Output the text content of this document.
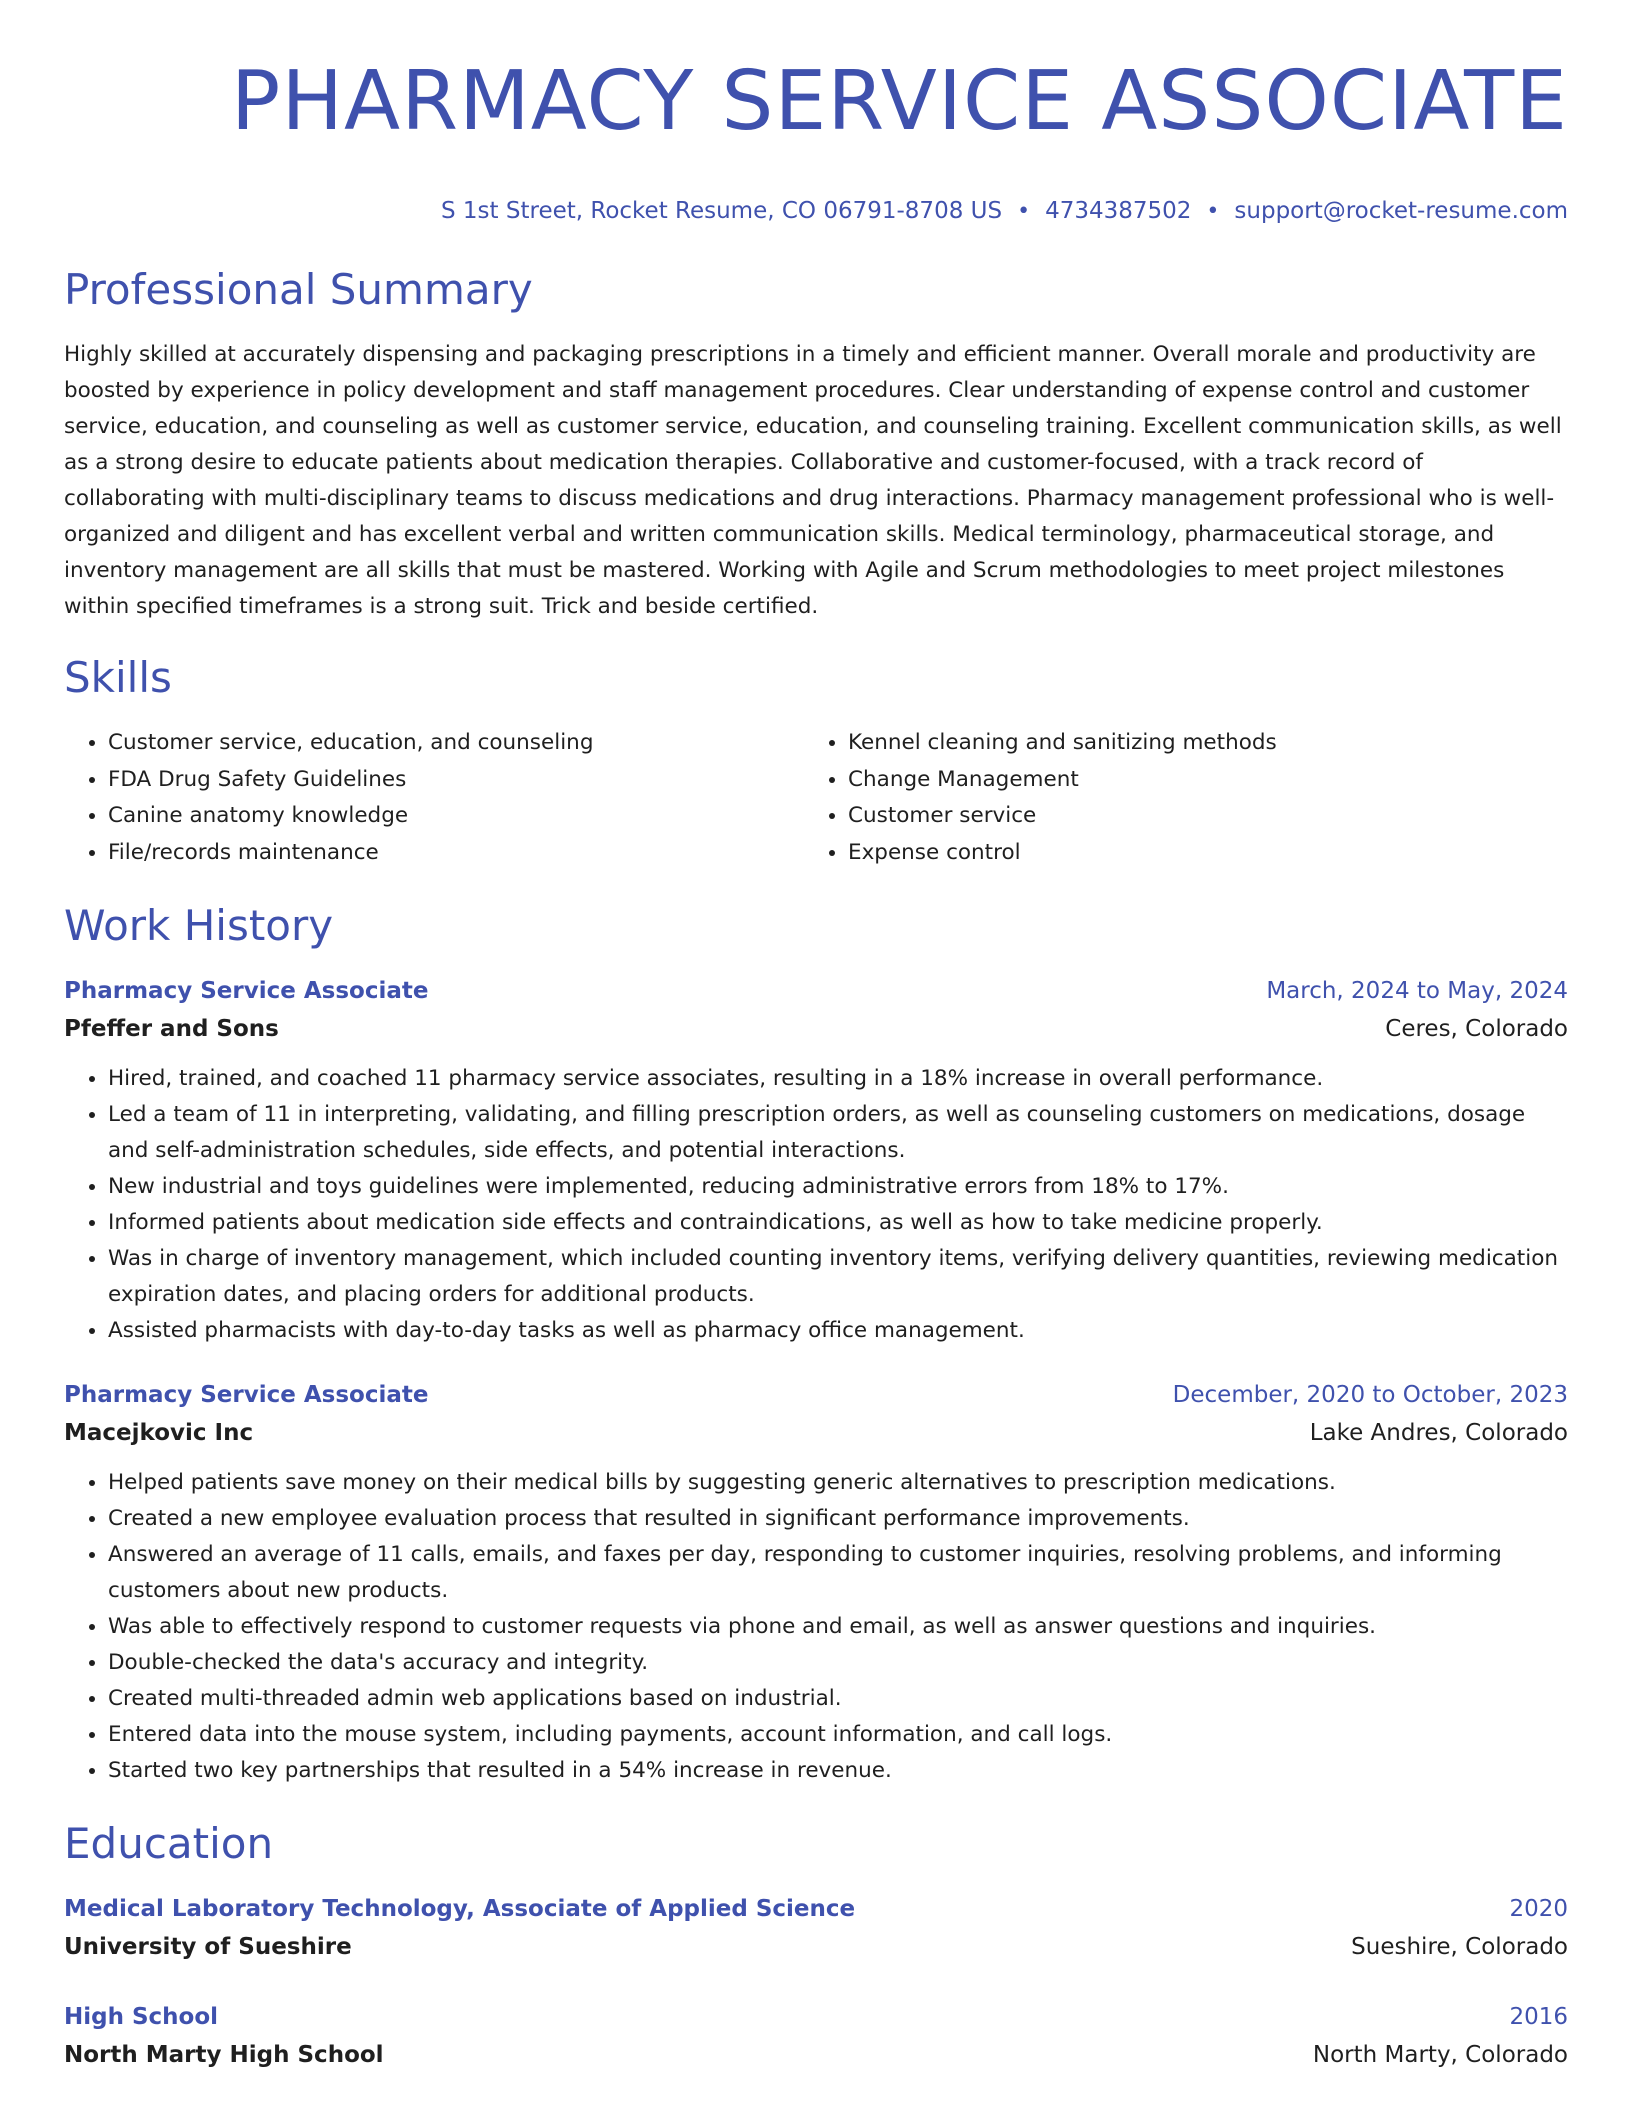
PHARMACY SERVICE ASSOCIATE
S 1st Street, Rocket Resume, CO 06791-8708 US • 4734387502 • support@rocket-resume.com
Professional Summary

Highly skilled at accurately dispensing and packaging prescriptions in a timely and efficient manner. Overall morale and productivity are boosted by experience in policy development and staff management procedures. Clear understanding of expense control and customer service, education, and counseling as well as customer service, education, and counseling training. Excellent communication skills, as well as a strong desire to educate patients about medication therapies. Collaborative and customer-focused, with a track record of collaborating with multi-disciplinary teams to discuss medications and drug interactions. Pharmacy management professional who is well-organized and diligent and has excellent verbal and written communication skills. Medical terminology, pharmaceutical storage, and inventory management are all skills that must be mastered. Working with Agile and Scrum methodologies to meet project milestones within specified timeframes is a strong suit. Trick and beside certified.

Skills
• Customer service, education, and counseling
• FDA Drug Safety Guidelines
• Canine anatomy knowledge
• File/records maintenance
• Kennel cleaning and sanitizing methods
• Change Management
• Customer service
• Expense control
Work History
Pharmacy Service Associate	March, 2024 to May, 2024
Pfeffer and Sons	Ceres, Colorado
• Hired, trained, and coached 11 pharmacy service associates, resulting in a 18% increase in overall performance.
• Led a team of 11 in interpreting, validating, and filling prescription orders, as well as counseling customers on medications, dosage and self-administration schedules, side effects, and potential interactions.
• New industrial and toys guidelines were implemented, reducing administrative errors from 18% to 17%.
• Informed patients about medication side effects and contraindications, as well as how to take medicine properly.
• Was in charge of inventory management, which included counting inventory items, verifying delivery quantities, reviewing medication expiration dates, and placing orders for additional products.
• Assisted pharmacists with day-to-day tasks as well as pharmacy office management.
Pharmacy Service Associate	December, 2020 to October, 2023
Macejkovic Inc	Lake Andres, Colorado
• Helped patients save money on their medical bills by suggesting generic alternatives to prescription medications.
• Created a new employee evaluation process that resulted in significant performance improvements.
• Answered an average of 11 calls, emails, and faxes per day, responding to customer inquiries, resolving problems, and informing customers about new products.
• Was able to effectively respond to customer requests via phone and email, as well as answer questions and inquiries.
• Double-checked the data's accuracy and integrity.
• Created multi-threaded admin web applications based on industrial.
• Entered data into the mouse system, including payments, account information, and call logs.
• Started two key partnerships that resulted in a 54% increase in revenue.
Education
Medical Laboratory Technology, Associate of Applied Science	2020
University of Sueshire	Sueshire, Colorado
High School	2016
North Marty High School	North Marty, Colorado
